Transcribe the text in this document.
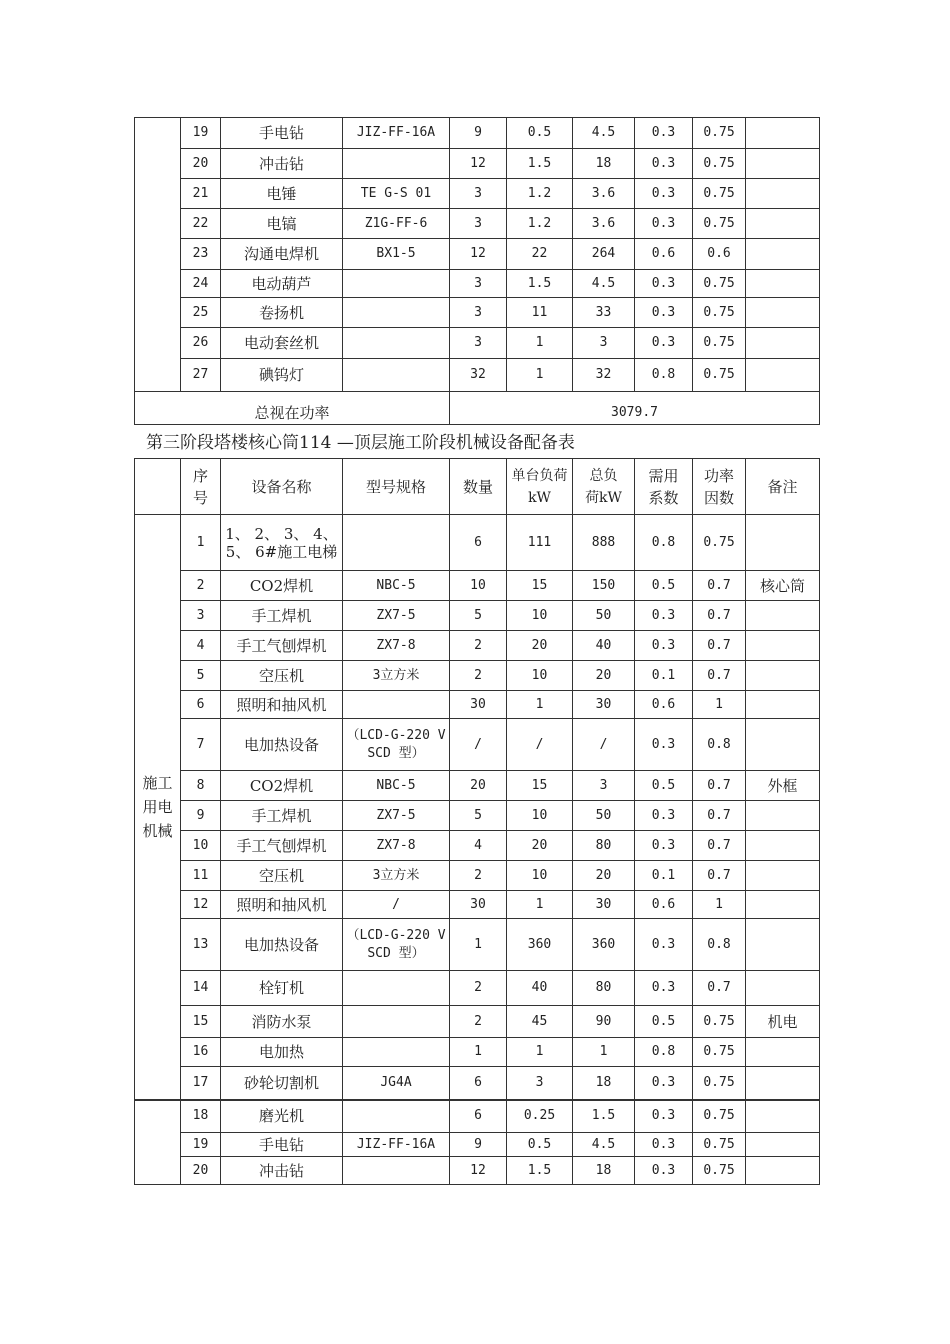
	19	手电钻	JIZ-FF-16A	9	0.5	4.5	0.3	0.75	
	20	冲击钻		12	1.5	18	0.3	0.75	
	21	电锤	TE G-S 01	3	1.2	3.6	0.3	0.75	
	22	电镐	Z1G-FF-6	3	1.2	3.6	0.3	0.75	
	23	沟通电焊机	BX1-5	12	22	264	0.6	0.6	
	24	电动葫芦		3	1.5	4.5	0.3	0.75	
	25	卷扬机		3	11	33	0.3	0.75	
	26	电动套丝机		3	1	3	0.3	0.75	
	27	碘钨灯		32	1	32	0.8	0.75	
总视在功率				3079.7					
第三阶段塔楼核心筒114 —顶层施工阶段机械设备配备表
	序号	设备名称	型号规格	数量	单台负荷kW	总负荷kW	需用系数	功率因数	备注
施工用电机械	1	1、 2、 3、 4、 5、 6#施工电梯		6	111	888	0.8	0.75	
	2	CO2焊机	NBC-5	10	15	150	0.5	0.7	核心筒
	3	手工焊机	ZX7-5	5	10	50	0.3	0.7	
	4	手工气刨焊机	ZX7-8	2	20	40	0.3	0.7	
	5	空压机	3立方米	2	10	20	0.1	0.7	
	6	照明和抽风机		30	1	30	0.6	1	
	7	电加热设备	（LCD-G-220 V SCD 型）	/	/	/	0.3	0.8	
	8	CO2焊机	NBC-5	20	15	3	0.5	0.7	外框
	9	手工焊机	ZX7-5	5	10	50	0.3	0.7	
	10	手工气刨焊机	ZX7-8	4	20	80	0.3	0.7	
	11	空压机	3立方米	2	10	20	0.1	0.7	
	12	照明和抽风机	/	30	1	30	0.6	1	
	13	电加热设备	（LCD-G-220 V SCD 型）	1	360	360	0.3	0.8	
	14	栓钉机		2	40	80	0.3	0.7	
	15	消防水泵		2	45	90	0.5	0.75	机电
	16	电加热		1	1	1	0.8	0.75	
	17	砂轮切割机	JG4A	6	3	18	0.3	0.75	
	18	磨光机		6	0.25	1.5	0.3	0.75	
	19	手电钻	JIZ-FF-16A	9	0.5	4.5	0.3	0.75	
	20	冲击钻		12	1.5	18	0.3	0.75	
